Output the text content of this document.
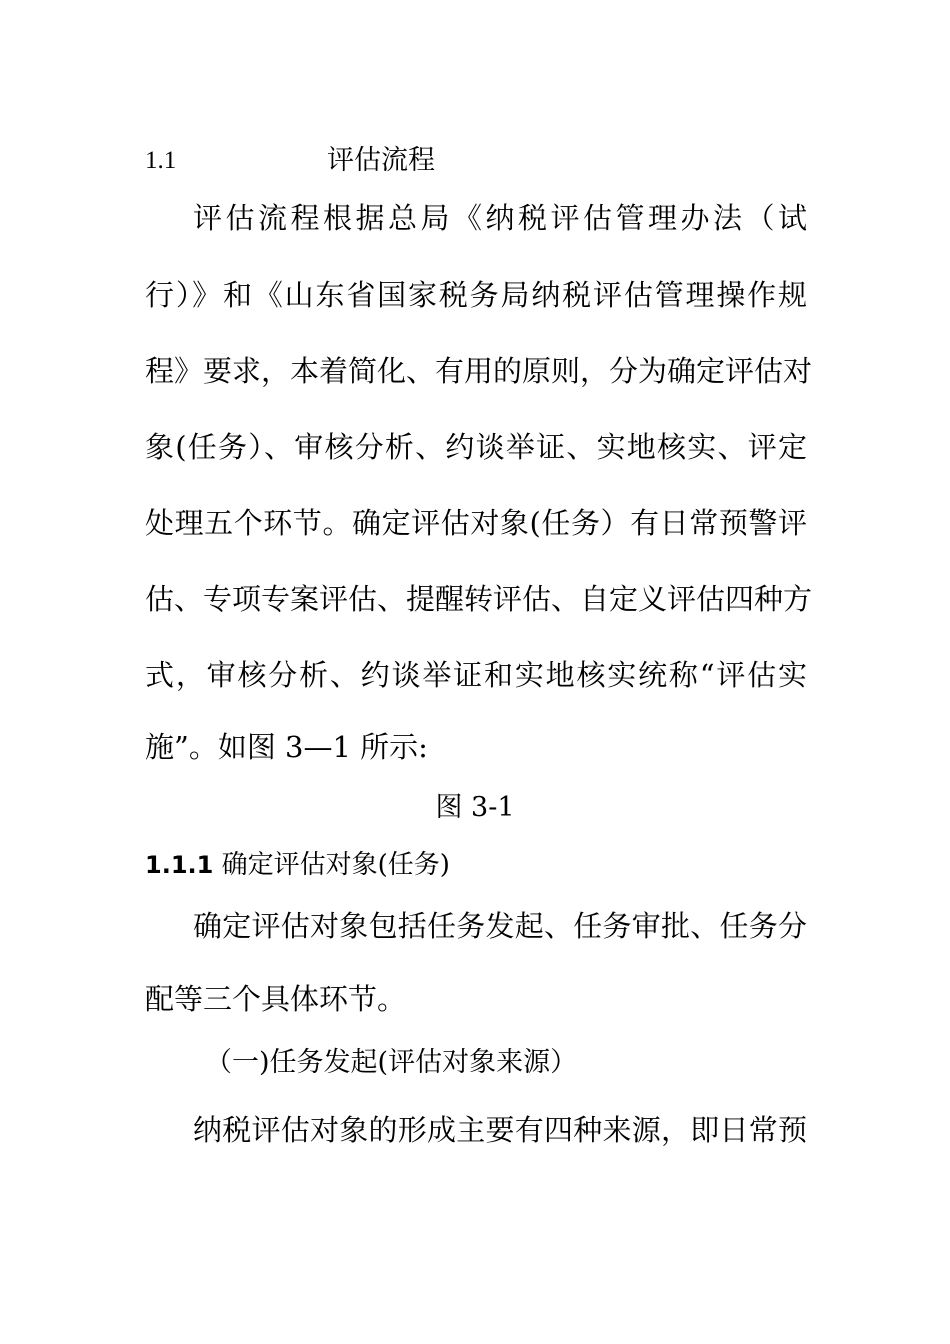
1.1	评估流程
评估流程根据总局《纳税评估管理办法（试
行）》和《山东省国家税务局纳税评估管理操作规
程》要求，本着简化、有用的原则，分为确定评估对
象(任务）、审核分析、约谈举证、实地核实、评定
处理五个环节。确定评估对象(任务）有日常预警评
估、专项专案评估、提醒转评估、自定义评估四种方
式，审核分析、约谈举证和实地核实统称“评估实
施”。如图 3—1 所示:
图 3-1
1.1.1 确定评估对象(任务)
确定评估对象包括任务发起、任务审批、任务分
配等三个具体环节。
（一)任务发起(评估对象来源）
纳税评估对象的形成主要有四种来源，即日常预
